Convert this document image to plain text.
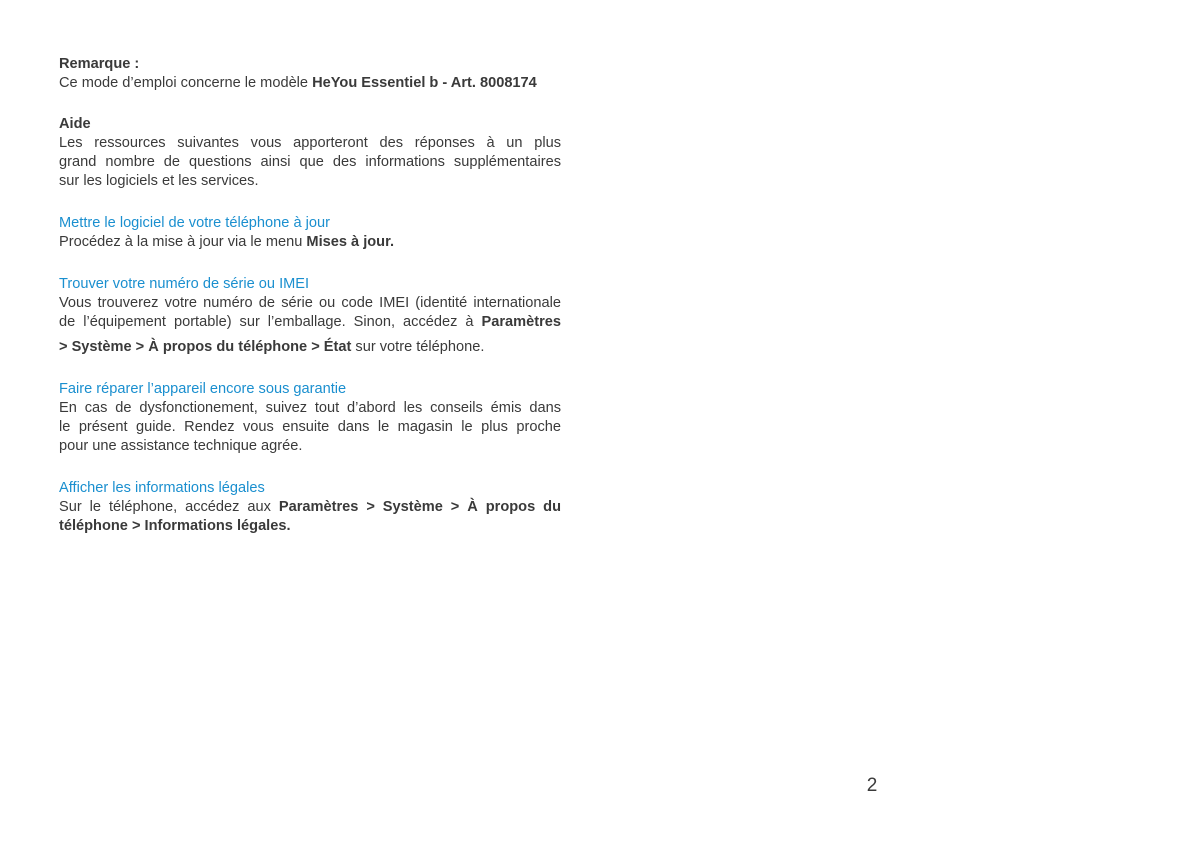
Remarque :

Ce mode d’emploi concerne le modèle HeYou Essentiel b - Art. 8008174

Aide

Les ressources suivantes vous apporteront des réponses à un plus
grand nombre de questions ainsi que des informations supplémentaires
sur les logiciels et les services.

Mettre le logiciel de votre téléphone à jour

Procédez à la mise à jour via le menu Mises à jour.

Trouver votre numéro de série ou IMEI

Vous trouverez votre numéro de série ou code IMEI (identité internationale
de l’équipement portable) sur l’emballage. Sinon, accédez à Paramètres
> Système > À propos du téléphone > État sur votre téléphone.

Faire réparer l’appareil encore sous garantie

En cas de dysfonctionement, suivez tout d’abord les conseils émis dans
le présent guide. Rendez vous ensuite dans le magasin le plus proche
pour une assistance technique agrée.

Afficher les informations légales

Sur le téléphone, accédez aux Paramètres > Système > À propos du
téléphone > Informations légales.

2
